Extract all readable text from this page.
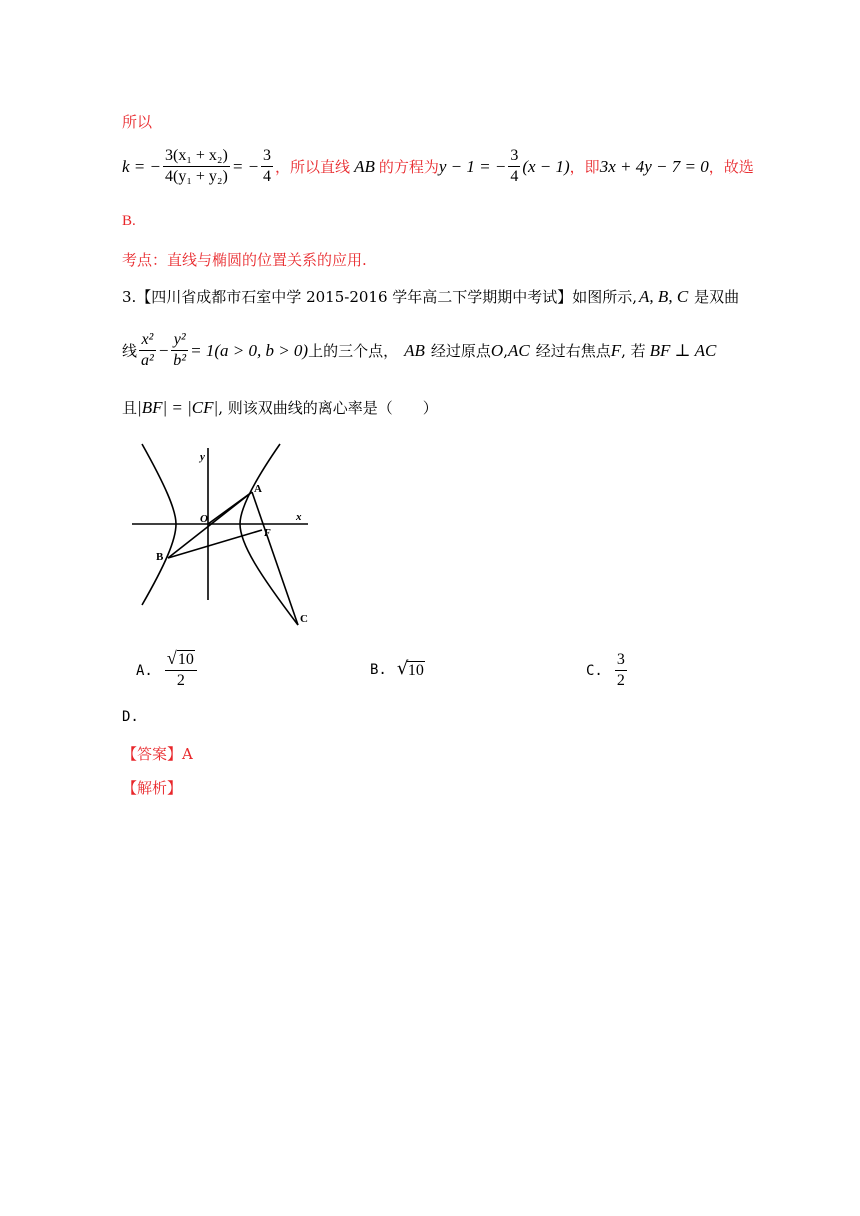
所以
k = − $\frac{\text{3(x₁ + x₂)}}{\text{4(y₁ + y₂)}}$ = − $\frac{3}{4}$ ，所以直线 AB 的方程为 y − 1 = − $\frac{3}{4} (x - 1)$ ，即 3x + 4y − 7 = 0 ，故选
B.
考点：直线与椭圆的位置关系的应用.
3.【四川省成都市石室中学 2015-2016 学年高二下学期期中考试】如图所示, A, B, C 是双曲
线 $\frac{\text{x²}}{\text{a²}} - \frac{\text{y²}}{\text{b²}} = 1(a > 0$, b > 0) 上的三个点， AB 经过原点 O , AC 经过右焦点 F , 若 BF ⊥ AC
且 |BF| = |CF| , 则该双曲线的离心率是（　　）
y
x
O
A
B
F
C
A. $\frac{√ 10}{2}$	B. √ 10	C. $\frac{3}{2}$
D.
【答案】A
【解析】
